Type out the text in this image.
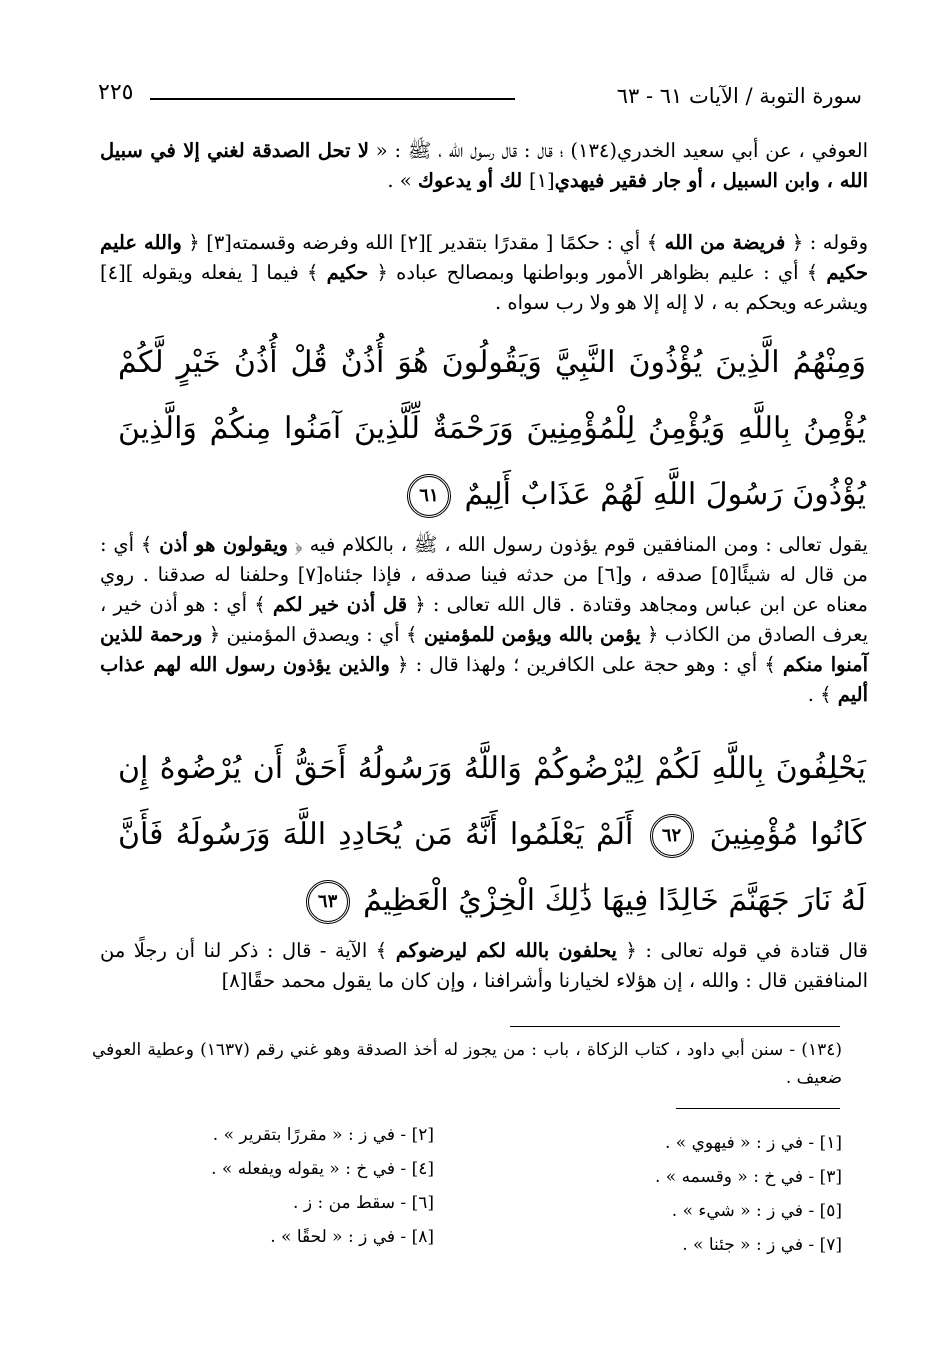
سورة التوبة / الآيات ٦١ - ٦٣
٢٢٥
العوفي ، عن أبي سعيد الخدري(١٣٤) ؛ قال : قال رسول الله ، ﷺ : « لا تحل الصدقة لغني إلا في سبيل الله ، وابن السبيل ، أو جار فقير فيهدي[١] لك أو يدعوك » .
وقوله : ﴿ فريضة من الله ﴾ أي : حكمًا [ مقدرًا بتقدير ][٢] الله وفرضه وقسمته[٣] ﴿ والله عليم حكيم ﴾ أي : عليم بظواهر الأمور وبواطنها وبمصالح عباده ﴿ حكيم ﴾ فيما [ يفعله ويقوله ][٤] ويشرعه ويحكم به ، لا إله إلا هو ولا رب سواه .
وَمِنْهُمُ الَّذِينَ يُؤْذُونَ النَّبِيَّ وَيَقُولُونَ هُوَ أُذُنٌ قُلْ أُذُنُ خَيْرٍ لَّكُمْ يُؤْمِنُ بِاللَّهِ وَيُؤْمِنُ لِلْمُؤْمِنِينَ وَرَحْمَةٌ لِّلَّذِينَ آمَنُوا مِنكُمْ وَالَّذِينَ يُؤْذُونَ رَسُولَ اللَّهِ لَهُمْ عَذَابٌ أَلِيمٌ ٦١
يقول تعالى : ومن المنافقين قوم يؤذون رسول الله ، ﷺ ، بالكلام فيه ﴿ ويقولون هو أذن ﴾ أي : من قال له شيئًا[٥] صدقه ، و[٦] من حدثه فينا صدقه ، فإذا جئناه[٧] وحلفنا له صدقنا . روي معناه عن ابن عباس ومجاهد وقتادة . قال الله تعالى : ﴿ قل أذن خير لكم ﴾ أي : هو أذن خير ، يعرف الصادق من الكاذب ﴿ يؤمن بالله ويؤمن للمؤمنين ﴾ أي : ويصدق المؤمنين ﴿ ورحمة للذين آمنوا منكم ﴾ أي : وهو حجة على الكافرين ؛ ولهذا قال : ﴿ والذين يؤذون رسول الله لهم عذاب أليم ﴾ .
يَحْلِفُونَ بِاللَّهِ لَكُمْ لِيُرْضُوكُمْ وَاللَّهُ وَرَسُولُهُ أَحَقُّ أَن يُرْضُوهُ إِن كَانُوا مُؤْمِنِينَ ٦٢ أَلَمْ يَعْلَمُوا أَنَّهُ مَن يُحَادِدِ اللَّهَ وَرَسُولَهُ فَأَنَّ لَهُ نَارَ جَهَنَّمَ خَالِدًا فِيهَا ذَٰلِكَ الْخِزْيُ الْعَظِيمُ ٦٣
قال قتادة في قوله تعالى : ﴿ يحلفون بالله لكم ليرضوكم ﴾ الآية - قال : ذكر لنا أن رجلًا من المنافقين قال : والله ، إن هؤلاء لخيارنا وأشرافنا ، وإن كان ما يقول محمد حقًا[٨]
(١٣٤) - سنن أبي داود ، كتاب الزكاة ، باب : من يجوز له أخذ الصدقة وهو غني رقم (١٦٣٧) وعطية العوفي ضعيف .
[١] - في ز : « فيهوي » .
[٣] - في خ : « وقسمه » .
[٥] - في ز : « شيء » .
[٧] - في ز : « جئنا » .
[٢] - في ز : « مقررًا بتقرير » .
[٤] - في خ : « يقوله ويفعله » .
[٦] - سقط من : ز .
[٨] - في ز : « لحقًا » .
